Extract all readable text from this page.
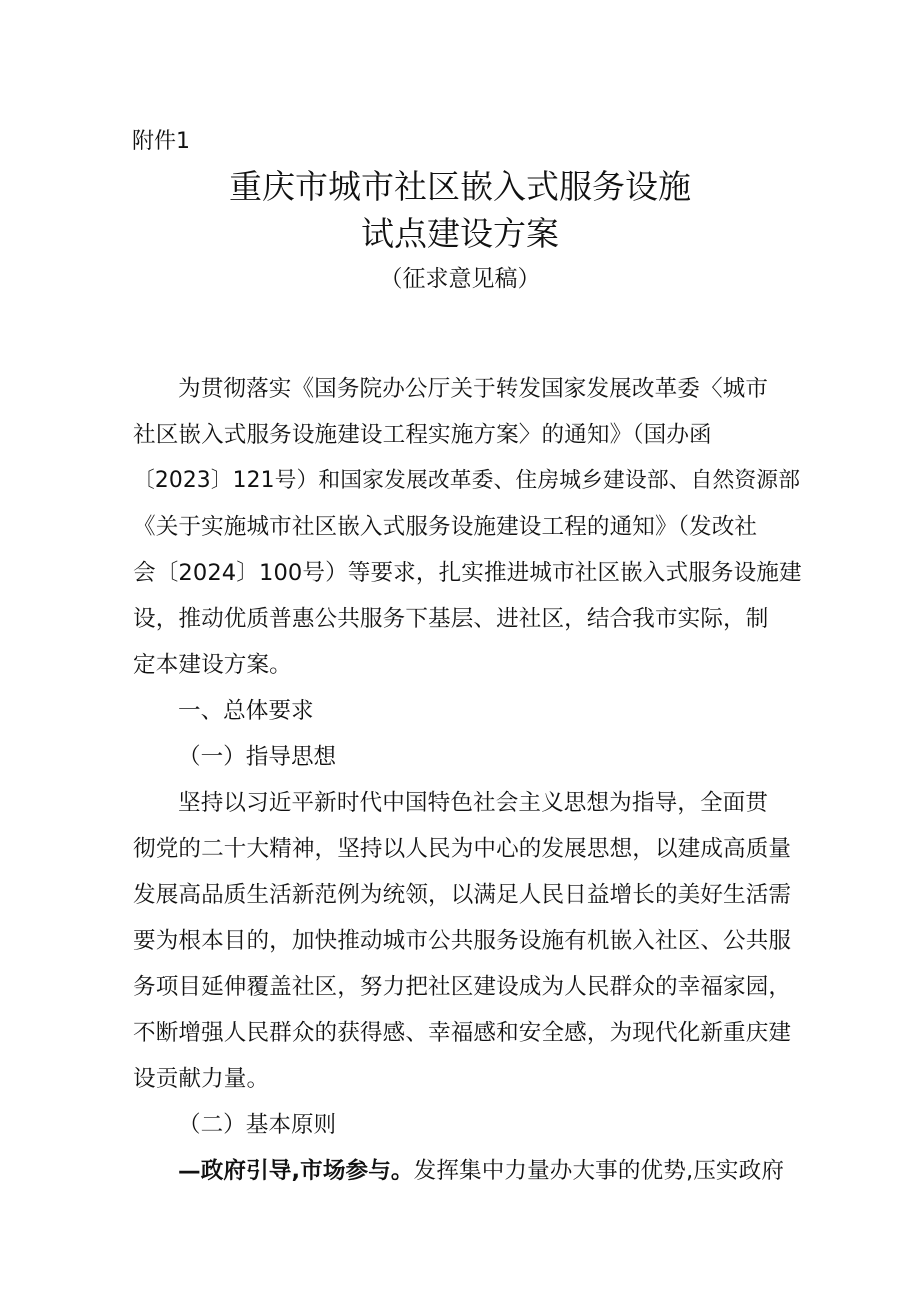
附件1
重庆市城市社区嵌入式服务设施
试点建设方案
（征求意见稿）
为贯彻落实《国务院办公厅关于转发国家发展改革委〈城市
社区嵌入式服务设施建设工程实施方案〉的通知》（国办函
〔2023〕121号）和国家发展改革委、住房城乡建设部、自然资源部
《关于实施城市社区嵌入式服务设施建设工程的通知》（发改社
会〔2024〕100号）等要求，扎实推进城市社区嵌入式服务设施建
设，推动优质普惠公共服务下基层、进社区，结合我市实际，制
定本建设方案。
一、总体要求
（一）指导思想
坚持以习近平新时代中国特色社会主义思想为指导，全面贯
彻党的二十大精神，坚持以人民为中心的发展思想，以建成高质量
发展高品质生活新范例为统领，以满足人民日益增长的美好生活需
要为根本目的，加快推动城市公共服务设施有机嵌入社区、公共服
务项目延伸覆盖社区，努力把社区建设成为人民群众的幸福家园，
不断增强人民群众的获得感、幸福感和安全感，为现代化新重庆建
设贡献力量。
（二）基本原则
—政府引导,市场参与。发挥集中力量办大事的优势,压实政府
